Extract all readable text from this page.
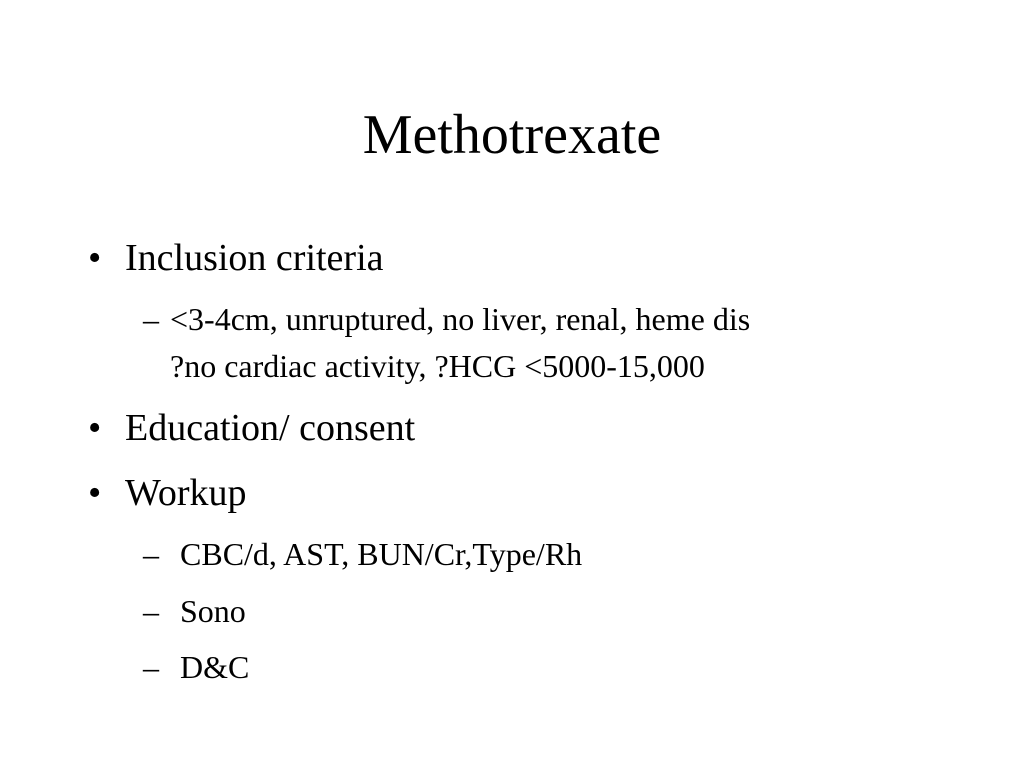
Methotrexate
• Inclusion criteria
– <3-4cm, unruptured, no liver, renal, heme dis
?no cardiac activity, ?HCG <5000-15,000
• Education/ consent
• Workup
– CBC/d, AST, BUN/Cr,Type/Rh
– Sono
– D&C
